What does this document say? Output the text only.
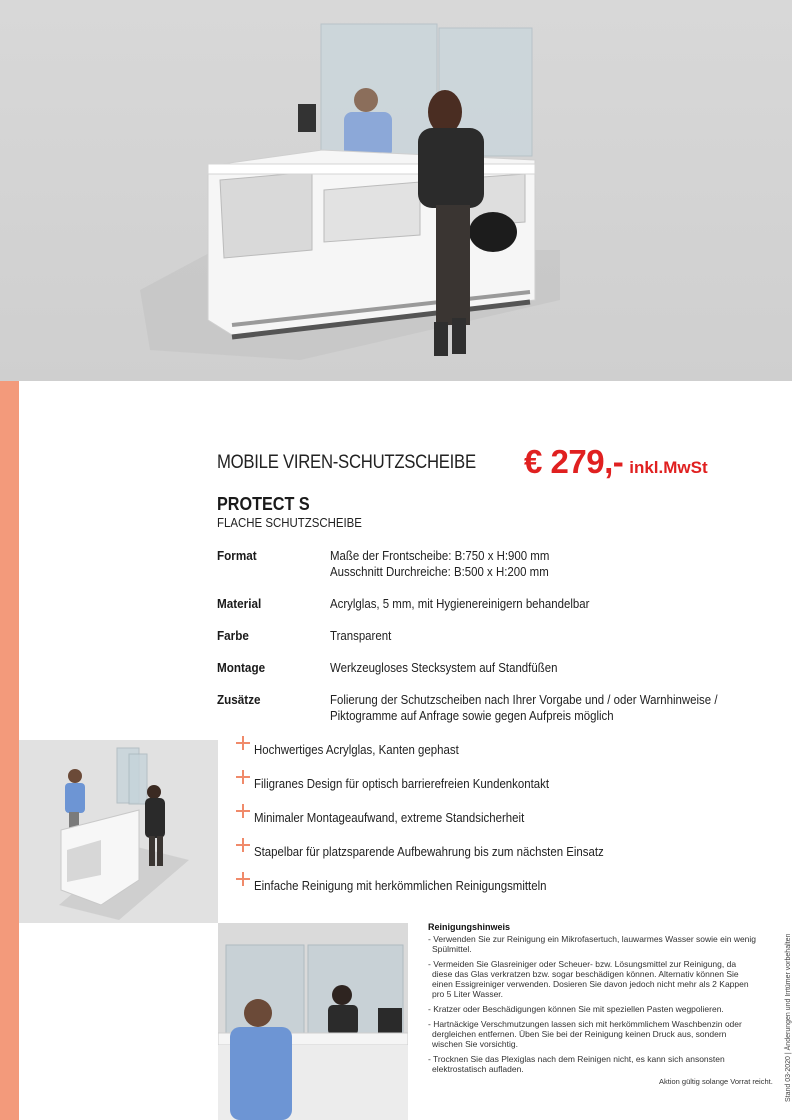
MOBILE VIREN-SCHUTZSCHEIBE € 279,- inkl.MwSt
PROTECT S
FLACHE SCHUTZSCHEIBE
Format	Maße der Frontscheibe: B:750 x H:900 mm
Ausschnitt Durchreiche: B:500 x H:200 mm
Material	Acrylglas, 5 mm, mit Hygienereinigern behandelbar
Farbe	Transparent
Montage	Werkzeugloses Stecksystem auf Standfüßen
Zusätze	Folierung der Schutzscheiben nach Ihrer Vorgabe und / oder Warnhinweise /
Piktogramme auf Anfrage sowie gegen Aufpreis möglich
Hochwertiges Acrylglas, Kanten gephast
Filigranes Design für optisch barrierefreien Kundenkontakt
Minimaler Montageaufwand, extreme Standsicherheit
Stapelbar für platzsparende Aufbewahrung bis zum nächsten Einsatz
Einfache Reinigung mit herkömmlichen Reinigungsmitteln
Reinigungshinweis

- Verwenden Sie zur Reinigung ein Mikrofasertuch, lauwarmes Wasser sowie ein wenig Spülmittel.

- Vermeiden Sie Glasreiniger oder Scheuer- bzw. Lösungsmittel zur Reinigung, da diese das Glas verkratzen bzw. sogar beschädigen können. Alternativ können Sie einen Essigreiniger verwenden. Dosieren Sie davon jedoch nicht mehr als 2 Kappen pro 5 Liter Wasser.

- Kratzer oder Beschädigungen können Sie mit speziellen Pasten wegpolieren.

- Hartnäckige Verschmutzungen lassen sich mit herkömmlichem Waschbenzin oder dergleichen entfernen. Üben Sie bei der Reinigung keinen Druck aus, sondern wischen Sie vorsichtig.

- Trocknen Sie das Plexiglas nach dem Reinigen nicht, es kann sich ansonsten elektrostatisch aufladen.

Aktion gültig solange Vorrat reicht. Stand 03-2020 | Änderungen und Irrtümer vorbehalten
